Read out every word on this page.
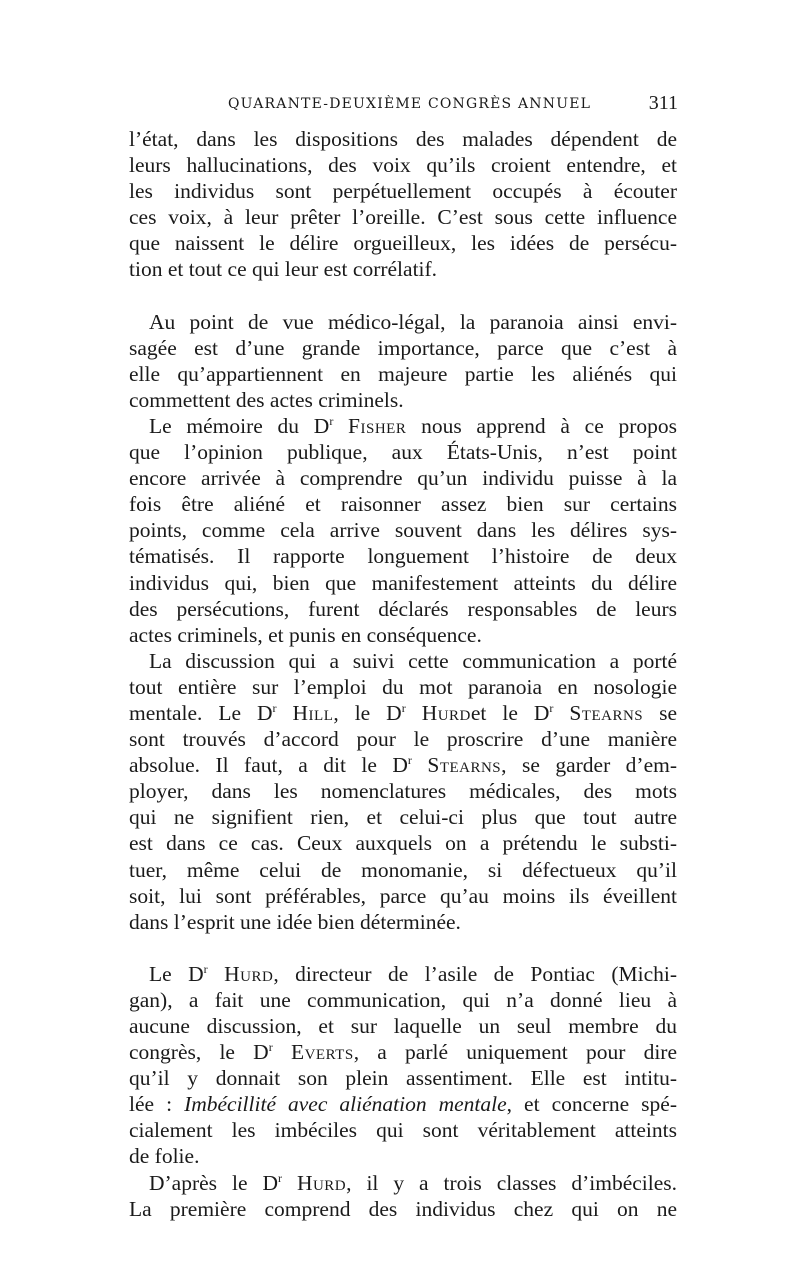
QUARANTE-DEUXIÈME CONGRÈS ANNUEL	311
l’état, dans les dispositions des malades dépendent de
leurs hallucinations, des voix qu’ils croient entendre, et
les individus sont perpétuellement occupés à écouter
ces voix, à leur prêter l’oreille. C’est sous cette influence
que naissent le délire orgueilleux, les idées de persécu-
tion et tout ce qui leur est corrélatif.
Au point de vue médico-légal, la paranoia ainsi envi-
sagée est d’une grande importance, parce que c’est à
elle qu’appartiennent en majeure partie les aliénés qui
commettent des actes criminels.
Le mémoire du $D^r$ Fisher nous apprend à ce propos
que l’opinion publique, aux États-Unis, n’est point
encore arrivée à comprendre qu’un individu puisse à la
fois être aliéné et raisonner assez bien sur certains
points, comme cela arrive souvent dans les délires sys-
tématisés. Il rapporte longuement l’histoire de deux
individus qui, bien que manifestement atteints du délire
des persécutions, furent déclarés responsables de leurs
actes criminels, et punis en conséquence.
La discussion qui a suivi cette communication a porté
tout entière sur l’emploi du mot paranoia en nosologie
mentale. Le $D^r$ Hill, le $D^r$ Hurdet le $D^r$ Stearns se
sont trouvés d’accord pour le proscrire d’une manière
absolue. Il faut, a dit le $D^r$ Stearns, se garder d’em-
ployer, dans les nomenclatures médicales, des mots
qui ne signifient rien, et celui-ci plus que tout autre
est dans ce cas. Ceux auxquels on a prétendu le substi-
tuer, même celui de monomanie, si défectueux qu’il
soit, lui sont préférables, parce qu’au moins ils éveillent
dans l’esprit une idée bien déterminée.
Le $D^r$ Hurd, directeur de l’asile de Pontiac (Michi-
gan), a fait une communication, qui n’a donné lieu à
aucune discussion, et sur laquelle un seul membre du
congrès, le $D^r$ Everts, a parlé uniquement pour dire
qu’il y donnait son plein assentiment. Elle est intitu-
lée : Imbécillité avec aliénation mentale, et concerne spé-
cialement les imbéciles qui sont véritablement atteints
de folie.
D’après le $D^r$ Hurd, il y a trois classes d’imbéciles.
La première comprend des individus chez qui on ne
